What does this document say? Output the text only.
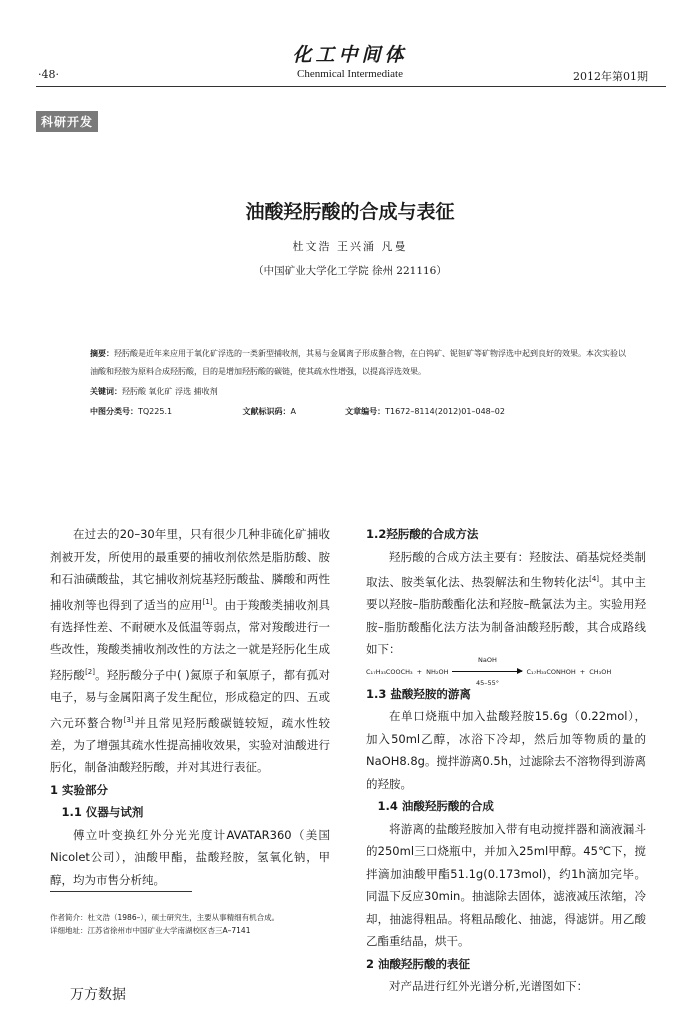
化工中间体
·48·	Chenmical Intermediate	2012年第01期
科研开发
油酸羟肟酸的合成与表征
杜文浩 王兴涌 凡曼
（中国矿业大学化工学院 徐州 221116）
摘要：羟肟酸是近年来应用于氧化矿浮选的一类新型捕收剂，其易与金属离子形成螯合物，在白钨矿、铌钽矿等矿物浮选中起到良好的效果。本次实验以油酸和羟胺为原料合成羟肟酸，目的是增加羟肟酸的碳链，使其疏水性增强，以提高浮选效果。
关键词：羟肟酸 氧化矿 浮选 捕收剂
中图分类号：TQ225.1	文献标识码：A	文章编号：T1672–8114(2012)01–048–02

在过去的20–30年里，只有很少几种非硫化矿捕收剂被开发，所使用的最重要的捕收剂依然是脂肪酸、胺和石油磺酸盐，其它捕收剂烷基羟肟酸盐、膦酸和两性捕收剂等也得到了适当的应用[1]。由于羧酸类捕收剂具有选择性差、不耐硬水及低温等弱点，常对羧酸进行一些改性，羧酸类捕收剂改性的方法之一就是羟肟化生成羟肟酸[2]。羟肟酸分子中( )氮原子和氧原子，都有孤对电子，易与金属阳离子发生配位，形成稳定的四、五或六元环螯合物[3]并且常见羟肟酸碳链较短，疏水性较差，为了增强其疏水性提高捕收效果，实验对油酸进行肟化，制备油酸羟肟酸，并对其进行表征。

1 实验部分

1.1 仪器与试剂

傅立叶变换红外分光光度计AVATAR360（美国Nicolet公司），油酸甲酯，盐酸羟胺，氢氧化钠，甲醇，均为市售分析纯。

1.2羟肟酸的合成方法

羟肟酸的合成方法主要有：羟胺法、硝基烷烃类制取法、胺类氧化法、热裂解法和生物转化法[4]。其中主要以羟胺–脂肪酸酯化法和羟胺–酰氯法为主。实验用羟胺–脂肪酸酯化法方法为制备油酸羟肟酸，其合成路线如下：

C₁₇H₃₃COOCH₃ + NH₂OH
NaOH
45–55°
C₁₇H₃₃CONHOH + CH₃OH

1.3 盐酸羟胺的游离

在单口烧瓶中加入盐酸羟胺15.6g（0.22mol），加入50ml乙醇，冰浴下冷却，然后加等物质的量的NaOH8.8g。搅拌游离0.5h，过滤除去不溶物得到游离的羟胺。

1.4 油酸羟肟酸的合成

将游离的盐酸羟胺加入带有电动搅拌器和滴液漏斗的250ml三口烧瓶中，并加入25ml甲醇。45℃下，搅拌滴加油酸甲酯51.1g(0.173mol)，约1h滴加完毕。同温下反应30min。抽滤除去固体，滤液减压浓缩，冷却，抽滤得粗品。将粗品酸化、抽滤，得滤饼。用乙酸乙酯重结晶，烘干。

2 油酸羟肟酸的表征

对产品进行红外光谱分析,光谱图如下：

作者简介：杜文浩（1986–），硕士研究生，主要从事精细有机合成。
详细地址：江苏省徐州市中国矿业大学南湖校区杏三A–7141
万方数据
